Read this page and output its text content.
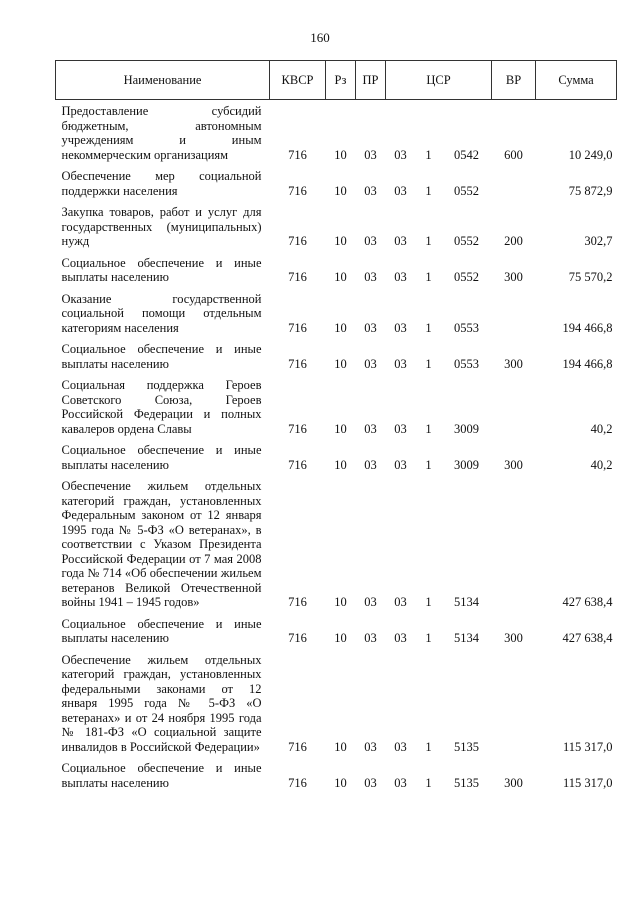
160
Наименование	КВСР	Рз	ПР	ЦСР			ВР	Сумма
Предоставление субсидий бюджетным, автономным учреждениям и иным некоммерческим организациям	716	10	03	03	1	0542	600	10 249,0
Обеспечение мер социальной поддержки населения	716	10	03	03	1	0552		75 872,9
Закупка товаров, работ и услуг для государственных (муниципальных) нужд	716	10	03	03	1	0552	200	302,7
Социальное обеспечение и иные выплаты населению	716	10	03	03	1	0552	300	75 570,2
Оказание государственной социальной помощи отдельным категориям населения	716	10	03	03	1	0553		194 466,8
Социальное обеспечение и иные выплаты населению	716	10	03	03	1	0553	300	194 466,8
Социальная поддержка Героев Советского Союза, Героев Российской Федерации и полных кавалеров ордена Славы	716	10	03	03	1	3009		40,2
Социальное обеспечение и иные выплаты населению	716	10	03	03	1	3009	300	40,2
Обеспечение жильем отдельных категорий граждан, установленных Федеральным законом от 12 января 1995 года № 5-ФЗ «О ветеранах», в соответствии с Указом Президента Российской Федерации от 7 мая 2008 года № 714 «Об обеспечении жильем ветеранов Великой Отечественной войны 1941 – 1945 годов»	716	10	03	03	1	5134		427 638,4
Социальное обеспечение и иные выплаты населению	716	10	03	03	1	5134	300	427 638,4
Обеспечение жильем отдельных категорий граждан, установленных федеральными законами от 12 января 1995 года № 5-ФЗ «О ветеранах» и от 24 ноября 1995 года № 181-ФЗ «О социальной защите инвалидов в Российской Федерации»	716	10	03	03	1	5135		115 317,0
Социальное обеспечение и иные выплаты населению	716	10	03	03	1	5135	300	115 317,0
